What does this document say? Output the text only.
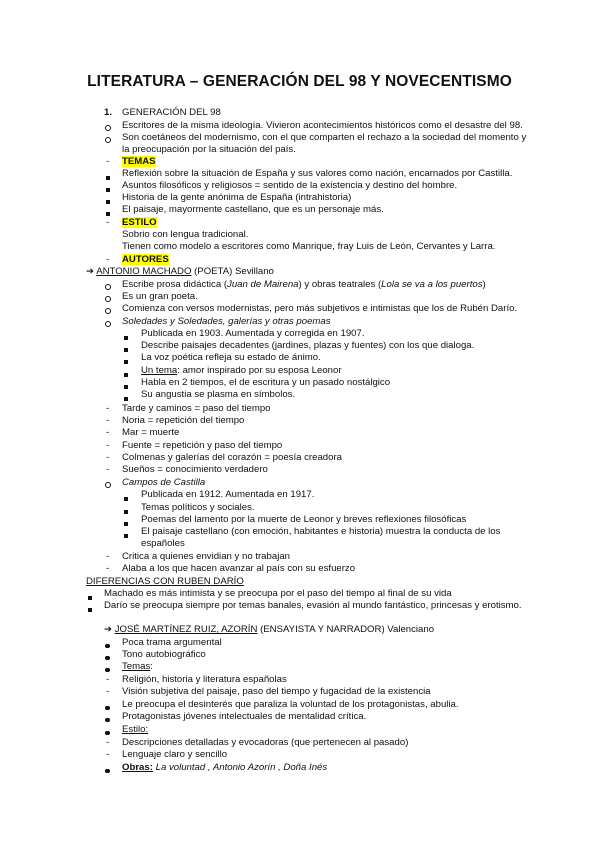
LITERATURA – GENERACIÓN DEL 98 Y NOVECENTISMO
1. GENERACIÓN DEL 98
Escritores de la misma ideología. Vivieron acontecimientos históricos como el desastre del 98.
Son coetáneos del modernismo, con el que comparten el rechazo a la sociedad del momento y
la preocupación por la situación del país.
- TEMAS
Reflexión sobre la situación de España y sus valores como nación, encarnados por Castilla.
Asuntos filosóficos y religiosos = sentido de la existencia y destino del hombre.
Historia de la gente anónima de España (intrahistoria)
El paisaje, mayormente castellano, que es un personaje más.
- ESTILO
Sobrio con lengua tradicional.
Tienen como modelo a escritores como Manrique, fray Luis de León, Cervantes y Larra.
- AUTORES
➔ ANTONIO MACHADO (POETA) Sevillano
Escribe prosa didáctica (Juan de Mairena) y obras teatrales (Lola se va a los puertos)
Es un gran poeta.
Comienza con versos modernistas, pero más subjetivos e intimistas que los de Rubén Darío.
Soledades y Soledades, galerías y otras poemas
Publicada en 1903. Aumentada y corregida en 1907.
Describe paisajes decadentes (jardines, plazas y fuentes) con los que dialoga.
La voz poética refleja su estado de ánimo.
Un tema: amor inspirado por su esposa Leonor
Habla en 2 tiempos, el de escritura y un pasado nostálgico
Su angustia se plasma en símbolos.
- Tarde y caminos = paso del tiempo
- Noria = repetición del tiempo
- Mar = muerte
- Fuente = repetición y paso del tiempo
- Colmenas y galerías del corazón = poesía creadora
- Sueños = conocimiento verdadero
Campos de Castilla
Publicada en 1912. Aumentada en 1917.
Temas políticos y sociales.
Poemas del lamento por la muerte de Leonor y breves reflexiones filosóficas
El paisaje castellano (con emoción, habitantes e historia) muestra la conducta de los
españoles
- Critica a quienes envidian y no trabajan
- Alaba a los que hacen avanzar al país con su esfuerzo
DIFERENCIAS CON RUBEN DARÍO
Machado es más intimista y se preocupa por el paso del tiempo al final de su vida
Darío se preocupa siempre por temas banales, evasión al mundo fantástico, princesas y erotismo.
➔ JOSÉ MARTÍNEZ RUIZ, AZORÍN (ENSAYISTA Y NARRADOR) Valenciano
Poca trama argumental
Tono autobiográfico
Temas:
- Religión, historia y literatura españolas
- Visión subjetiva del paisaje, paso del tiempo y fugacidad de la existencia
Le preocupa el desinterés que paraliza la voluntad de los protagonistas, abulia.
Protagonistas jóvenes intelectuales de mentalidad crítica.
Estilo:
- Descripciones detalladas y evocadoras (que pertenecen al pasado)
- Lenguaje claro y sencillo
Obras: La voluntad , Antonio Azorín , Doña Inés
